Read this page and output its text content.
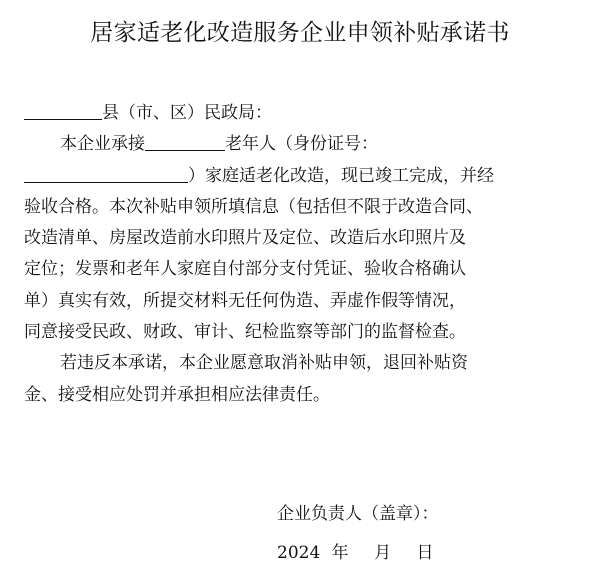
居家适老化改造服务企业申领补贴承诺书
县（市、区）民政局：
本企业承接	老年人（身份证号：
）家庭适老化改造，现已竣工完成，并经
验收合格。本次补贴申领所填信息（包括但不限于改造合同、
改造清单、房屋改造前水印照片及定位、改造后水印照片及
定位；发票和老年人家庭自付部分支付凭证、验收合格确认
单）真实有效，所提交材料无任何伪造、弄虚作假等情况，
同意接受民政、财政、审计、纪检监察等部门的监督检查。
若违反本承诺，本企业愿意取消补贴申领，退回补贴资
金、接受相应处罚并承担相应法律责任。
企业负责人（盖章）：
2024 年 月 日
